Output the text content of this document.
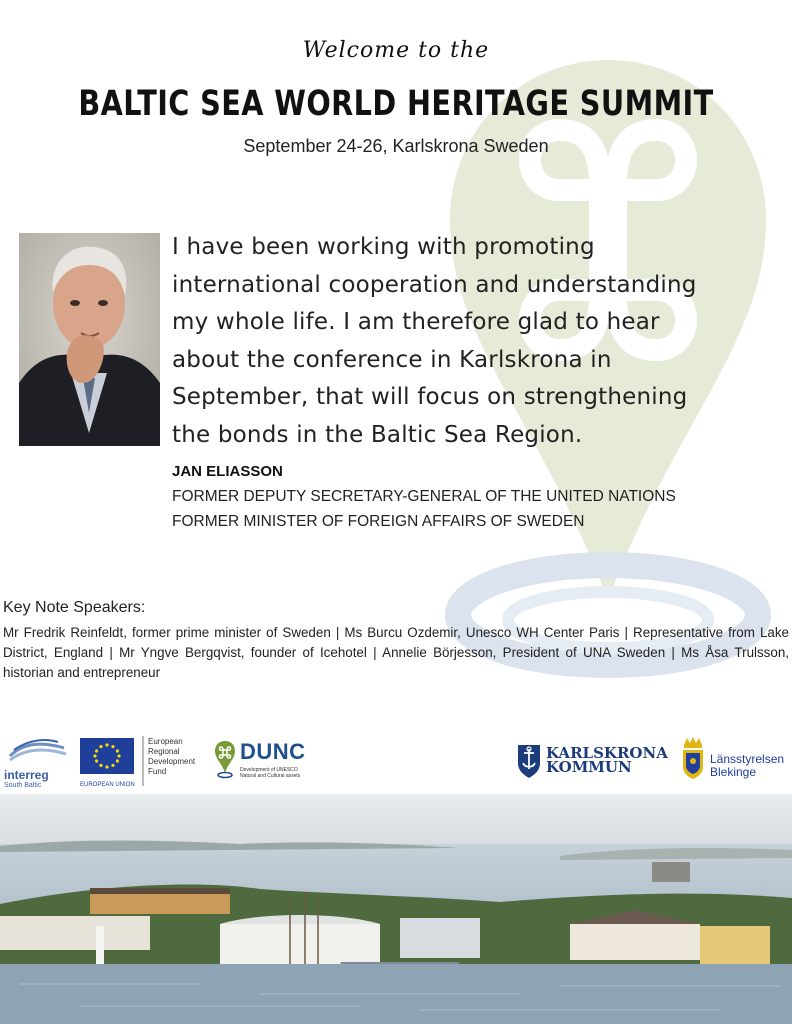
Welcome to the
BALTIC SEA WORLD HERITAGE SUMMIT
September 24-26, Karlskrona Sweden
I have been working with promoting
international cooperation and understanding
my whole life. I am therefore glad to hear
about the conference in Karlskrona in
September, that will focus on strengthening
the bonds in the Baltic Sea Region.
JAN ELIASSON
FORMER DEPUTY SECRETARY-GENERAL OF THE UNITED NATIONS
FORMER MINISTER OF FOREIGN AFFAIRS OF SWEDEN
Key Note Speakers:
Mr Fredrik Reinfeldt, former prime minister of Sweden | Ms Burcu Ozdemir, Unesco WH Center Paris | Representative from Lake District, England | Mr Yngve Bergqvist, founder of Icehotel | Annelie Börjesson, President of UNA Sweden | Ms Åsa Trulsson, historian and entrepreneur
interreg
South Baltic	EUROPEAN UNION
European
Regional
Development
Fund
DUNC
Development of UNESCO
Natural and Cultural assets
KARLSKRONA
KOMMUN	Länsstyrelsen
Blekinge
